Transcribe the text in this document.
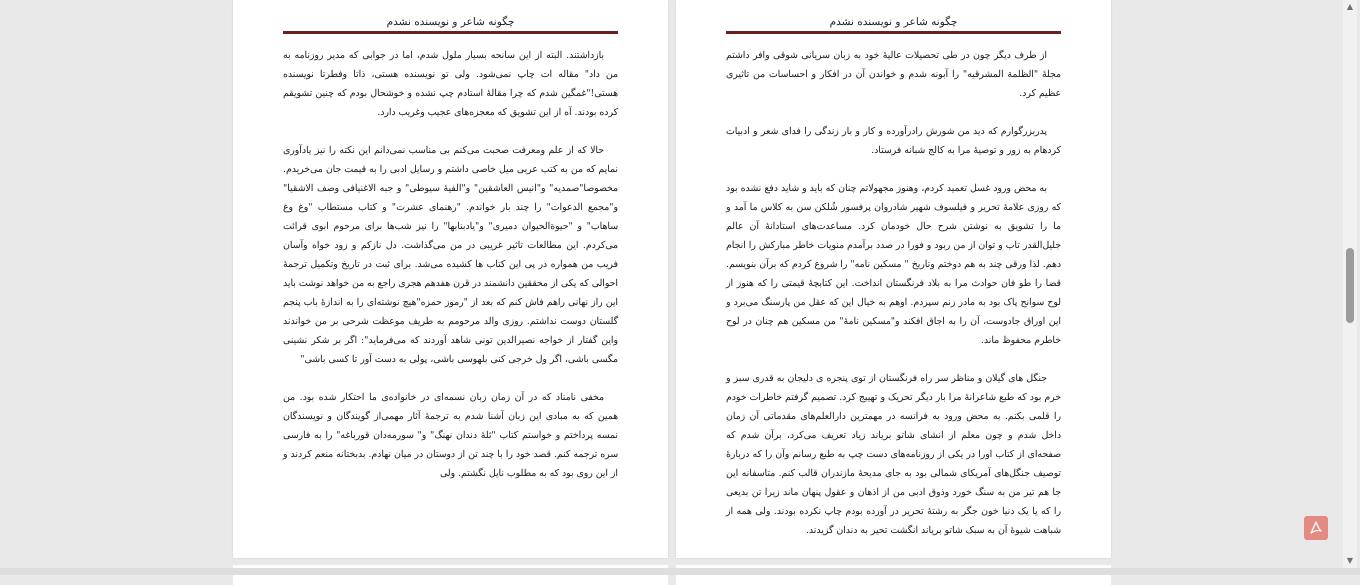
چگونه شاعر و نویسنده نشدم

بازداشتند. البته از این سانحه بسیار ملول شدم، اما در جوابی که مدیر روزنامه به من داد" مقاله ات چاپ نمی‌شود. ولی تو نویسنده هستی، ذاتا وفطرتا نویسنده هستی!"غمگین شدم که چرا مقالهٔ استادم چپ نشده و خوشحال بودم که چنین تشویقم کرده بودند. آه از این تشویق که معجزه‌های عجیب وغریب دارد.

حالا که از علم ومعرفت صحبت می‌کنم بی مناسب نمی‌دانم این نکته را نیز یادآوری نمایم که من به کتب عربی میل خاصی داشتم و رسایل ادبی را به قیمت جان می‌خریدم. مخصوصا"صمدیه" و"انیس العاشقین" و"الفیهٔ سیوطی" و جبه الاغنیافی وصف الاشقیا" و"مجمع الدعوات" را چند بار خواندم. "رهنمای عشرت" و کتاب مستطاب "وغ وغ ساهاب" و "حیوةالحیوان دمیری" و"یادبنابها" را نیز شب‌ها برای مرحوم ابوی قرائت می‌کردم. این مطالعات تاثیر غریبی در من می‌گذاشت. دل نازکم و زود خواه وآسان فریب من همواره در پی این کتاب ها کشیده می‌شد. برای ثبت در تاریخ وتکمیل ترجمهٔ احوالی که یکی از محققین دانشمند در قرن هفدهم هجری راجع به من خواهد نوشت باید این راز نهانی راهم فاش کنم که بعد از "رموز حمزه"هیچ نوشته‌ای را به اندازهٔ باب پنجم گلستان دوست نداشتم. روزی والد مرحومم به طریف موعظت شرحی بر من خواندند واین گفتار از خواجه نصیرالدین تونی شاهد آوردند که می‌فرماید": اگر بر شکر نشینی مگسی باشی، اگر ول خرجی کنی بلهوسی باشی، پولی به دست آور تا کسی باشی"

مخفی نامناد که در آن زمان زبان نسمه‌ای در خانواده‌ی ما احتکار شده بود. من همین که به مبادی این زبان آشنا شدم به ترجمهٔ آثار مهمی‌از گویندگان و نویسندگان نمسه پرداختم و خواستم کتاب "ثلهٔ دندان نهنگ" و" سورمه‌دان قورباغه" را به فارسی سره ترجمه کنم. قصد خود را با چند تن از دوستان در میان نهادم. بدبختانه منعم کردند و از این روی بود که به مطلوب نایل نگشتم. ولی

چگونه شاعر و نویسنده نشدم

از طرف دیگر چون در طی تحصیلات عالیهٔ خود به زبان سریانی شوقی وافر داشتم مجلهٔ "الظلمة المشرقیه" را آبونه شدم و خواندن آن در افکار و احساسات من تاثیری عظیم کرد.

پدربزرگوارم که دید من شورش رادرآورده و کار و بار زندگی را فدای شعر و ادبیات کردهام به زور و توصیهٔ مرا به کالج شبانه فرستاد.

به محض ورود غسل تعمید کردم، وهنوز مجهولاتم چنان که باید و شاید دفع نشده بود که روزی علامهٔ تحریر و فیلسوف شهیر شادروان پرفسور شُلکن سن به کلاس ما آمد و ما را تشویق به نوشتن شرح حال خودمان کرد. مساعدت‌های استادانهٔ آن عالم جلیل‌القدر تاب و توان از من ربود و فورا در صدد برآمدم منویات خاطر مبارکش را انجام دهم. لذا ورقی چند به هم دوختم وتاریخ " مسکین نامه" را شروع کردم که برآن بنویسم. قضا را طو فان حوادث مرا به بلاد فرنگستان انداخت. این کتابچهٔ قیمتی را که هنوز از لوح سوانح پاک بود به مادر زنم سپردم. اوهم به خیال این که عقل من پارسنگ می‌برد و این اوراق جادوست، آن را به اجاق افکند و"مسکین نامهٔ" من مسکین هم چنان در لوح خاطرم محفوظ ماند.

جنگل های گیلان و مناظر سر راه فرنگستان از توی پنجره ی دلیجان به قدری سبز و خرم بود که طبع شاعرانهٔ مرا بار دیگر تحریک و تهییج کرد. تصمیم گرفتم خاطرات خودم را قلمی بکنم. به محض ورود به فرانسه در مهمترین دارالعلم‌های مقدماتی آن زمان داخل شدم و چون معلم از انشای شاتو بریاند زیاد تعریف می‌کرد، برآن شدم که صفحه‌ای از کتاب اورا در یکی از روزنامه‌های دست چپ به طبع رسانم وآن را که دربارهٔ توصیف جنگل‌های آمریکای شمالی بود به جای مدیحهٔ مازندران قالب کنم. متاسفانه این جا هم تیر من به سنگ خورد وذوق ادبی من از اذهان و عقول پنهان ماند زیرا تن بدیعی را که یا یک دنیا خون جگر به رشتهٔ تحریر در آورده بودم چاپ نکرده بودند. ولی همه از شباهت شیوهٔ آن به سبک شاتو بریاند انگشت تحیر به دندان گزیدند.

▲
▼
